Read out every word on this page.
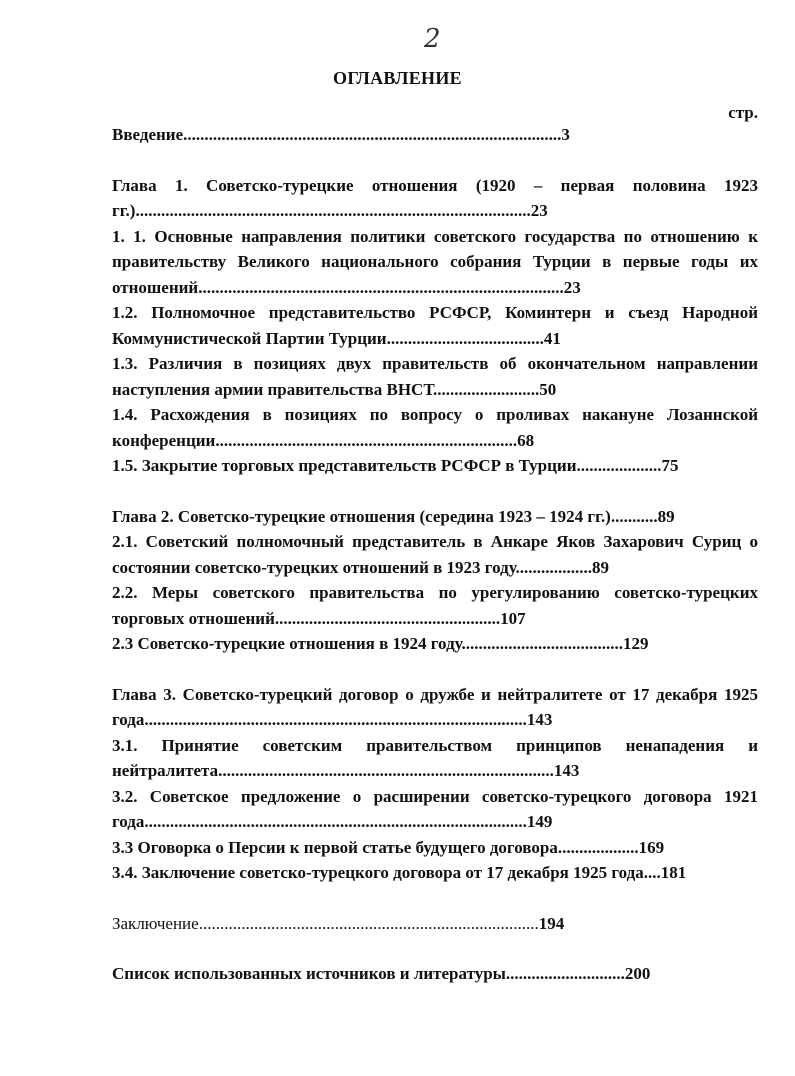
2
ОГЛАВЛЕНИЕ
стр.
Введение.........................................................................................3
Глава 1. Советско-турецкие отношения (1920 – первая половина 1923 гг.).............................................................................................23
1. 1. Основные направления политики советского государства по отношению к правительству Великого национального собрания Турции в первые годы их отношений......................................................................................23
1.2. Полномочное представительство РСФСР, Коминтерн и съезд Народной Коммунистической Партии Турции.....................................41
1.3. Различия в позициях двух правительств об окончательном направлении наступления армии правительства ВНСТ.........................50
1.4. Расхождения в позициях по вопросу о проливах накануне Лозаннской конференции.......................................................................68
1.5. Закрытие торговых представительств РСФСР в Турции....................75
Глава 2. Советско-турецкие отношения (середина 1923 – 1924 гг.)...........89
2.1. Советский полномочный представитель в Анкаре Яков Захарович Суриц о состоянии советско-турецких отношений в 1923 году..................89
2.2. Меры советского правительства по урегулированию советско-турецких торговых отношений.....................................................107
2.3 Советско-турецкие отношения в 1924 году......................................129
Глава 3. Советско-турецкий договор о дружбе и нейтралитете от 17 декабря 1925 года..........................................................................................143
3.1. Принятие советским правительством принципов ненападения и нейтралитета...............................................................................143
3.2. Советское предложение о расширении советско-турецкого договора 1921 года..........................................................................................149
3.3 Оговорка о Персии к первой статье будущего договора...................169
3.4. Заключение советско-турецкого договора от 17 декабря 1925 года....181
Заключение................................................................................194
Список использованных источников и литературы............................200
